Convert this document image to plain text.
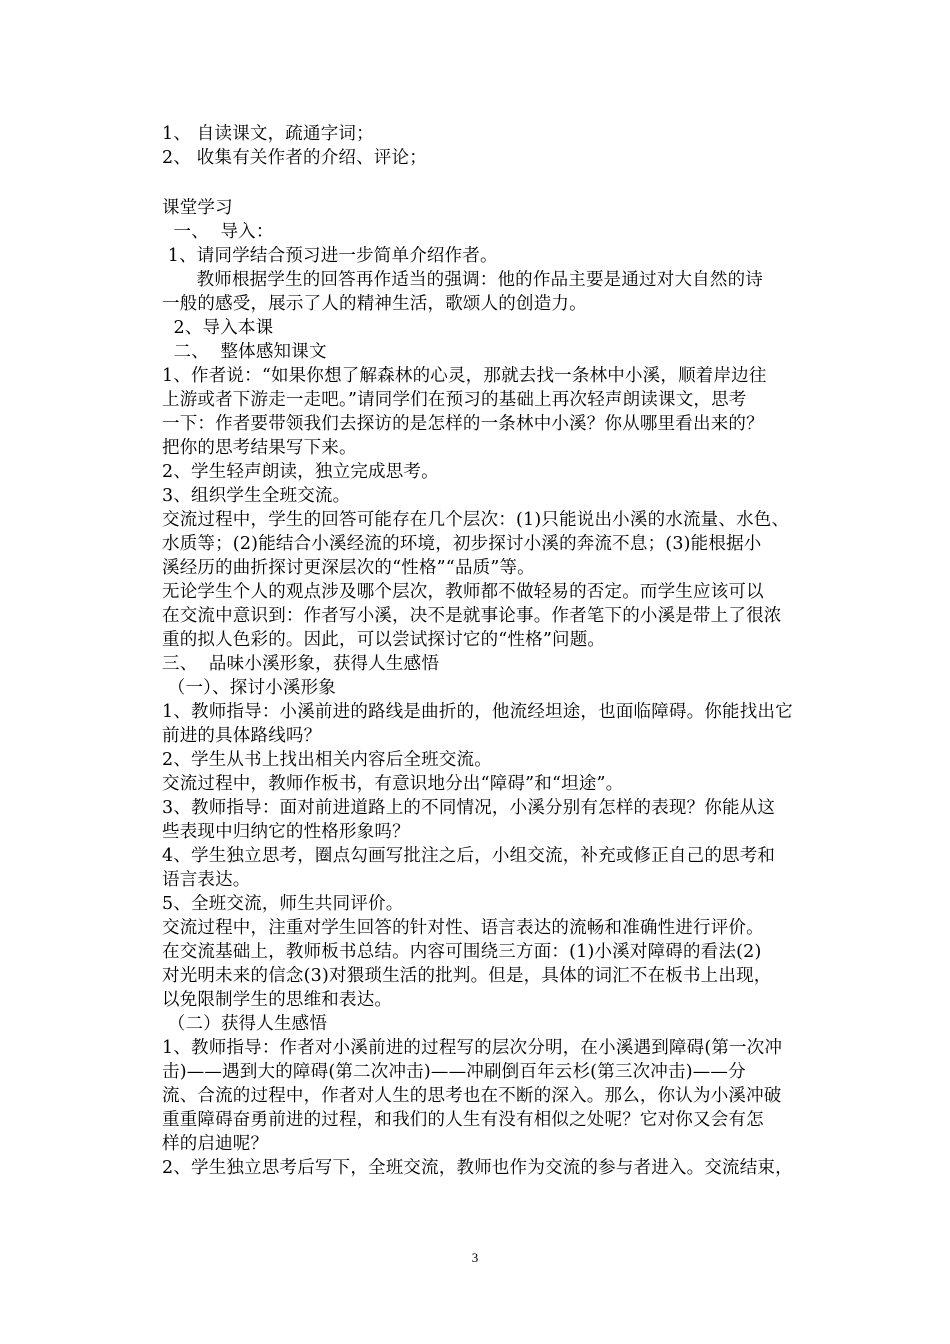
1、 自读课文，疏通字词；
2、 收集有关作者的介绍、评论；
课堂学习
一、  导入：
1、请同学结合预习进一步简单介绍作者。
教师根据学生的回答再作适当的强调：他的作品主要是通过对大自然的诗
一般的感受，展示了人的精神生活，歌颂人的创造力。
2、导入本课
二、  整体感知课文
1、作者说：“如果你想了解森林的心灵，那就去找一条林中小溪，顺着岸边往
上游或者下游走一走吧。”请同学们在预习的基础上再次轻声朗读课文，思考
一下：作者要带领我们去探访的是怎样的一条林中小溪？你从哪里看出来的？
把你的思考结果写下来。
2、学生轻声朗读，独立完成思考。
3、组织学生全班交流。
交流过程中，学生的回答可能存在几个层次：(1)只能说出小溪的水流量、水色、
水质等；(2)能结合小溪经流的环境，初步探讨小溪的奔流不息；(3)能根据小
溪经历的曲折探讨更深层次的“性格”“品质”等。
无论学生个人的观点涉及哪个层次，教师都不做轻易的否定。而学生应该可以
在交流中意识到：作者写小溪，决不是就事论事。作者笔下的小溪是带上了很浓
重的拟人色彩的。因此，可以尝试探讨它的“性格”问题。
三、  品味小溪形象，获得人生感悟
（一）、探讨小溪形象
1、教师指导：小溪前进的路线是曲折的，他流经坦途，也面临障碍。你能找出它
前进的具体路线吗？
2、学生从书上找出相关内容后全班交流。
交流过程中，教师作板书，有意识地分出“障碍”和“坦途”。
3、教师指导：面对前进道路上的不同情况，小溪分别有怎样的表现？你能从这
些表现中归纳它的性格形象吗？
4、学生独立思考，圈点勾画写批注之后，小组交流，补充或修正自己的思考和
语言表达。
5、全班交流，师生共同评价。
交流过程中，注重对学生回答的针对性、语言表达的流畅和准确性进行评价。
在交流基础上，教师板书总结。内容可围绕三方面：(1)小溪对障碍的看法(2)
对光明未来的信念(3)对猥琐生活的批判。但是，具体的词汇不在板书上出现，
以免限制学生的思维和表达。
（二）获得人生感悟
1、教师指导：作者对小溪前进的过程写的层次分明，在小溪遇到障碍(第一次冲
击)——遇到大的障碍(第二次冲击)——冲刷倒百年云杉(第三次冲击)——分
流、合流的过程中，作者对人生的思考也在不断的深入。那么，你认为小溪冲破
重重障碍奋勇前进的过程，和我们的人生有没有相似之处呢？它对你又会有怎
样的启迪呢？
2、学生独立思考后写下，全班交流，教师也作为交流的参与者进入。交流结束，
3
